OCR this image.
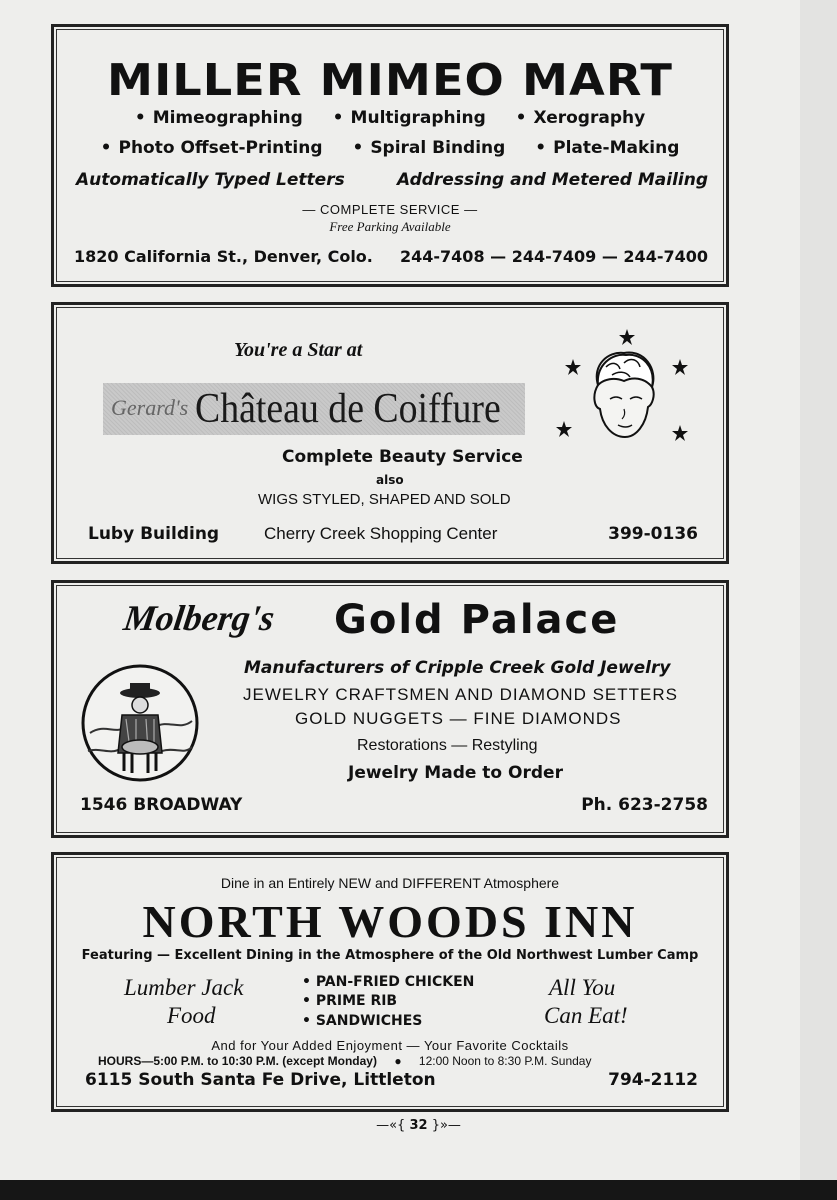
MILLER MIMEO MART
• Mimeographing	• Multigraphing	• Xerography
• Photo Offset-Printing	• Spiral Binding	• Plate-Making
Automatically Typed Letters	Addressing and Metered Mailing
— COMPLETE SERVICE —
Free Parking Available
1820 California St., Denver, Colo. 244-7408 — 244-7409 — 244-7400
You're a Star at
Gerard's Château de Coiffure
Complete Beauty Service
also
WIGS STYLED, SHAPED AND SOLD
Luby Building	Cherry Creek Shopping Center	399-0136
Molberg's Gold Palace
Manufacturers of Cripple Creek Gold Jewelry
JEWELRY CRAFTSMEN AND DIAMOND SETTERS
GOLD NUGGETS — FINE DIAMONDS
Restorations — Restyling
Jewelry Made to Order
1546 BROADWAY	Ph. 623-2758
Dine in an Entirely NEW and DIFFERENT Atmosphere
NORTH WOODS INN
Featuring — Excellent Dining in the Atmosphere of the Old Northwest Lumber Camp
Lumber Jack
Food
• PAN-FRIED CHICKEN
• PRIME RIB
• SANDWICHES
All You
Can Eat!
And for Your Added Enjoyment — Your Favorite Cocktails
HOURS—5:00 P.M. to 10:30 P.M. (except Monday) ● 12:00 Noon to 8:30 P.M. Sunday
6115 South Santa Fe Drive, Littleton	794-2112
—«{ 32 }»—
